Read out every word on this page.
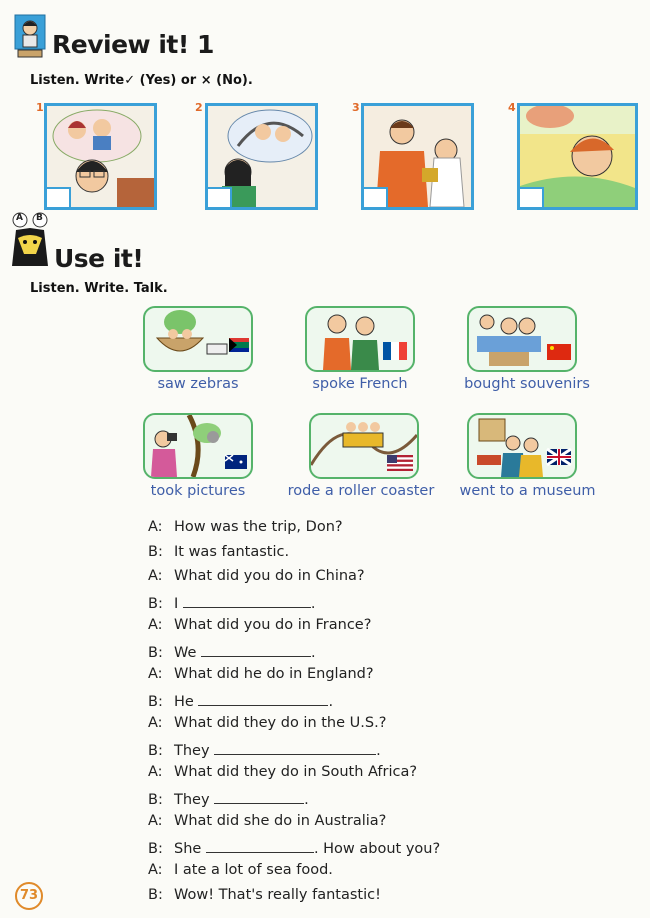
Review it! 1
Listen. Write✓ (Yes) or × (No).
1	2	3	4
A B
Use it!
Listen. Write. Talk.
saw zebras	spoke French	bought souvenirs
took pictures	rode a roller coaster	went to a museum
A: How was the trip, Don?
B: It was fantastic.
A: What did you do in China?
B: I	.
A: What did you do in France?
B: We	.
A: What did he do in England?
B: He	.
A: What did they do in the U.S.?
B: They	.
A: What did they do in South Africa?
B: They	.
A: What did she do in Australia?
B: She	. How about you?
A: I ate a lot of sea food.
B: Wow! That's really fantastic!
73
